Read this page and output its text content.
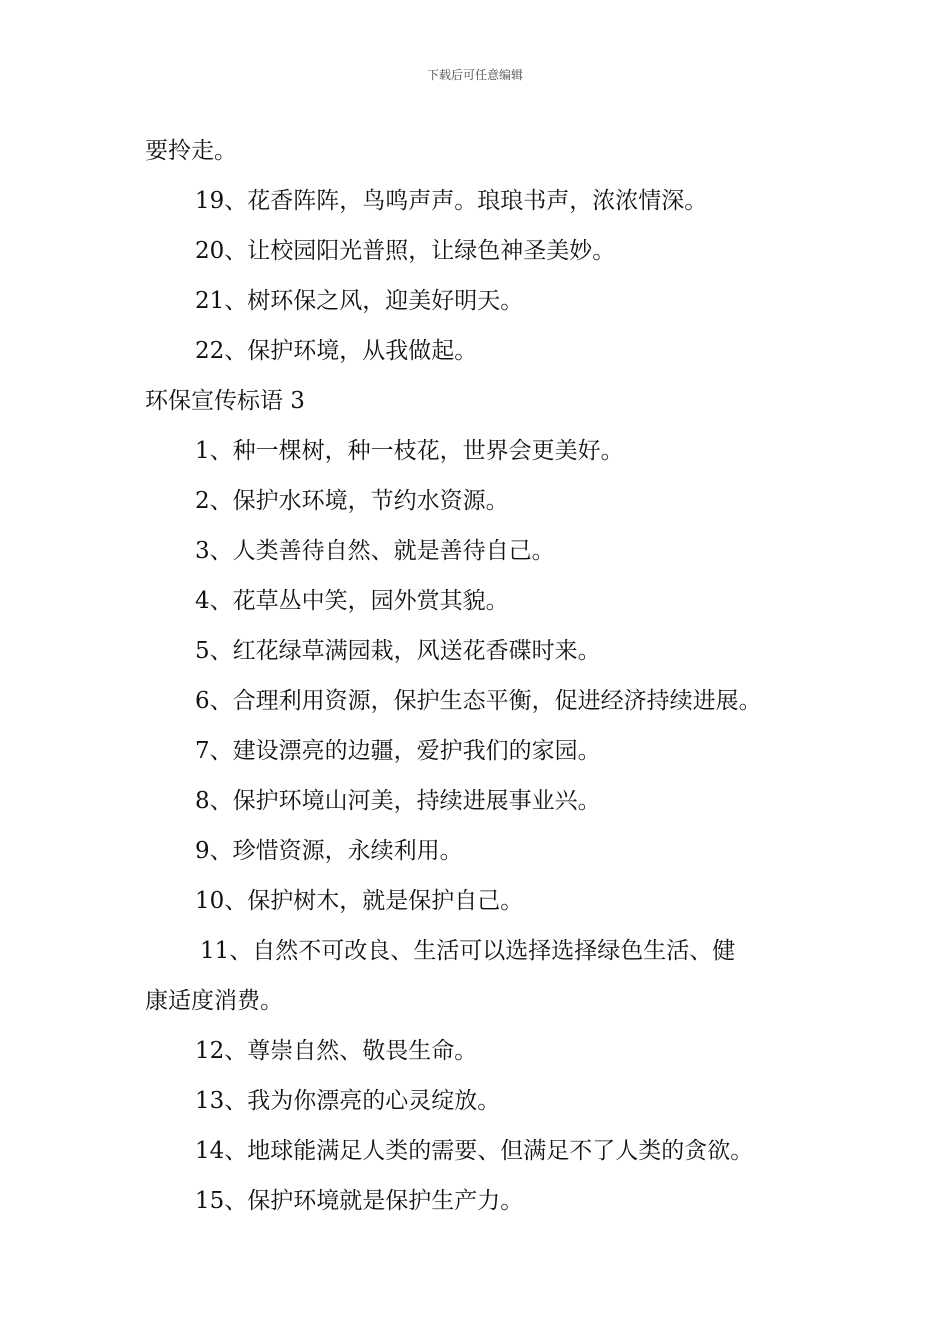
下载后可任意编辑
要拎走。
19、花香阵阵，鸟鸣声声。琅琅书声，浓浓情深。
20、让校园阳光普照，让绿色神圣美妙。
21、树环保之风，迎美好明天。
22、保护环境，从我做起。
环保宣传标语 3
1、种一棵树，种一枝花，世界会更美好。
2、保护水环境，节约水资源。
3、人类善待自然、就是善待自己。
4、花草丛中笑，园外赏其貌。
5、红花绿草满园栽，风送花香碟时来。
6、合理利用资源，保护生态平衡，促进经济持续进展。
7、建设漂亮的边疆，爱护我们的家园。
8、保护环境山河美，持续进展事业兴。
9、珍惜资源，永续利用。
10、保护树木，就是保护自己。
11、自然不可改良、生活可以选择选择绿色生活、健
康适度消费。
12、尊崇自然、敬畏生命。
13、我为你漂亮的心灵绽放。
14、地球能满足人类的需要、但满足不了人类的贪欲。
15、保护环境就是保护生产力。
